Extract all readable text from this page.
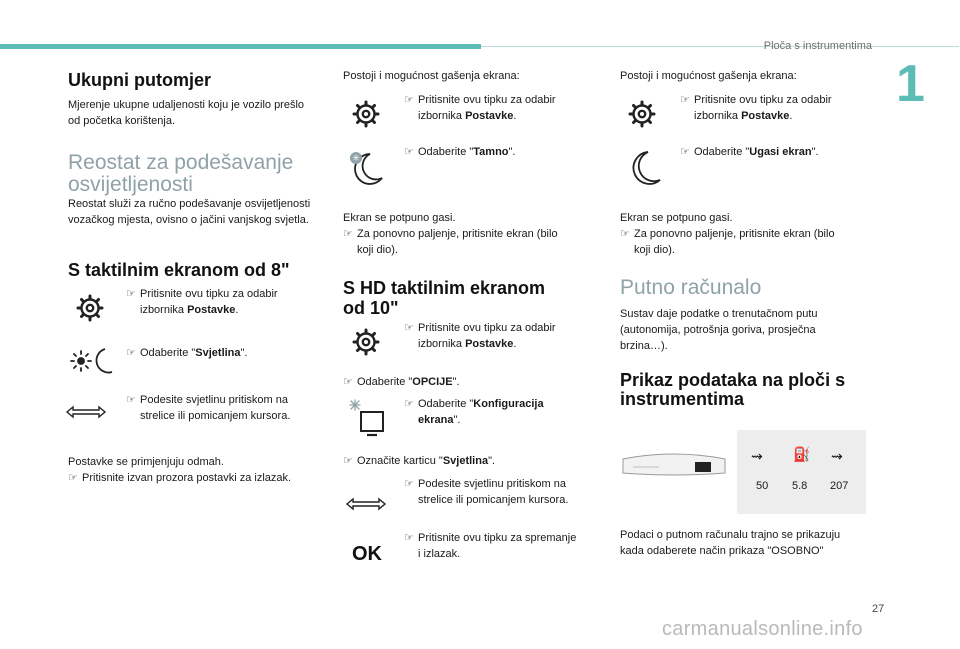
Ploča s instrumentima
1
Ukupni putomjer

Mjerenje ukupne udaljenosti koju je vozilo prešlo od početka korištenja.

Reostat za podešavanje
osvijetljenosti

Reostat služi za ručno podešavanje osvijetljenosti vozačkog mjesta, ovisno o jačini vanjskog svjetla.

S taktilnim ekranom od 8"
☞ Pritisnite ovu tipku za odabir
izbornika Postavke.
☞ Odaberite "Svjetlina".
☞ Podesite svjetlinu pritiskom na
strelice ili pomicanjem kursora.

Postavke se primjenjuju odmah.

☞ Pritisnite izvan prozora postavki za izlazak.

Postoji i mogućnost gašenja ekrana:

☞ Pritisnite ovu tipku za odabir
izbornika Postavke.
✳
☞ Odaberite "Tamno".

Ekran se potpuno gasi.

☞ Za ponovno paljenje, pritisnite ekran (bilo
koji dio).
S HD taktilnim ekranom
od 10"
☞ Pritisnite ovu tipku za odabir
izbornika Postavke.
☞ Odaberite "OPCIJE".
☞ Odaberite "Konfiguracija
ekrana".
☞ Označite karticu "Svjetlina".
☞ Podesite svjetlinu pritiskom na
strelice ili pomicanjem kursora.
OK
☞ Pritisnite ovu tipku za spremanje
i izlazak.

Postoji i mogućnost gašenja ekrana:

☞ Pritisnite ovu tipku za odabir
izbornika Postavke.
☞ Odaberite "Ugasi ekran".

Ekran se potpuno gasi.

☞ Za ponovno paljenje, pritisnite ekran (bilo
koji dio).
Putno računalo
Sustav daje podatke o trenutačnom putu
(autonomija, potrošnja goriva, prosječna
brzina…).
Prikaz podataka na ploči s
instrumentima
⇝ ⛽ ⇝
50 5.8 207
Podaci o putnom računalu trajno se prikazuju
kada odaberete način prikaza "OSOBNO"
27
carmanualsonline.info
